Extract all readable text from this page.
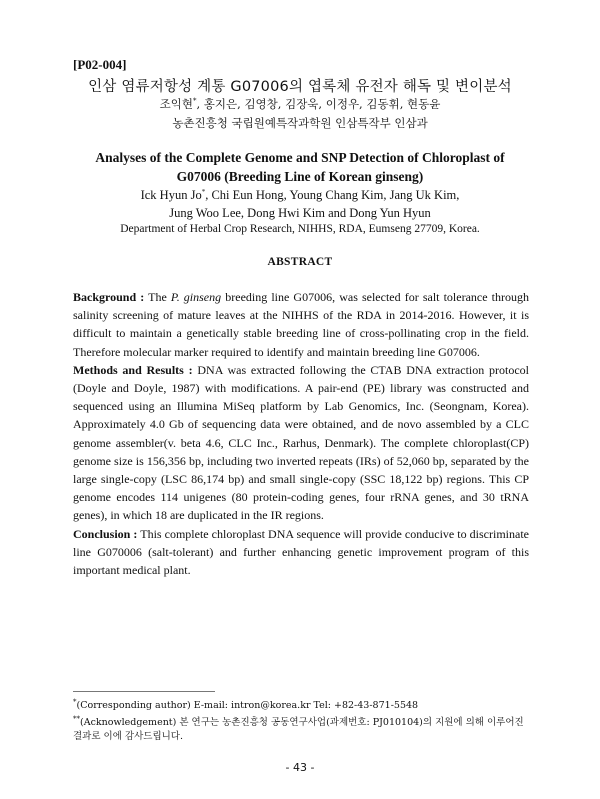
[P02-004]
인삼 염류저항성 계통 G07006의 엽록체 유전자 해독 및 변이분석
조익현*, 홍지은, 김영창, 김장욱, 이정우, 김동휘, 현동윤
농촌진흥청 국립원예특작과학원 인삼특작부 인삼과
Analyses of the Complete Genome and SNP Detection of Chloroplast of
G07006 (Breeding Line of Korean ginseng)
Ick Hyun Jo*, Chi Eun Hong, Young Chang Kim, Jang Uk Kim,
Jung Woo Lee, Dong Hwi Kim and Dong Yun Hyun
Department of Herbal Crop Research, NIHHS, RDA, Eumseng 27709, Korea.
ABSTRACT

Background : The P. ginseng breeding line G07006, was selected for salt tolerance through salinity screening of mature leaves at the NIHHS of the RDA in 2014-2016. However, it is difficult to maintain a genetically stable breeding line of cross-pollinating crop in the field. Therefore molecular marker required to identify and maintain breeding line G07006.

Methods and Results : DNA was extracted following the CTAB DNA extraction protocol (Doyle and Doyle, 1987) with modifications. A pair-end (PE) library was constructed and sequenced using an Illumina MiSeq platform by Lab Genomics, Inc. (Seongnam, Korea). Approximately 4.0 Gb of sequencing data were obtained, and de novo assembled by a CLC genome assembler(v. beta 4.6, CLC Inc., Rarhus, Denmark). The complete chloroplast(CP) genome size is 156,356 bp, including two inverted repeats (IRs) of 52,060 bp, separated by the large single-copy (LSC 86,174 bp) and small single-copy (SSC 18,122 bp) regions. This CP genome encodes 114 unigenes (80 protein-coding genes, four rRNA genes, and 30 tRNA genes), in which 18 are duplicated in the IR regions.

Conclusion : This complete chloroplast DNA sequence will provide conducive to discriminate line G070006 (salt-tolerant) and further enhancing genetic improvement program of this important medical plant.

*(Corresponding author) E-mail: intron@korea.kr Tel: +82-43-871-5548
**(Acknowledgement) 본 연구는 농촌진흥청 공동연구사업(과제번호: PJ010104)의 지원에 의해 이루어진 결과로 이에 감사드립니다.
- 43 -
